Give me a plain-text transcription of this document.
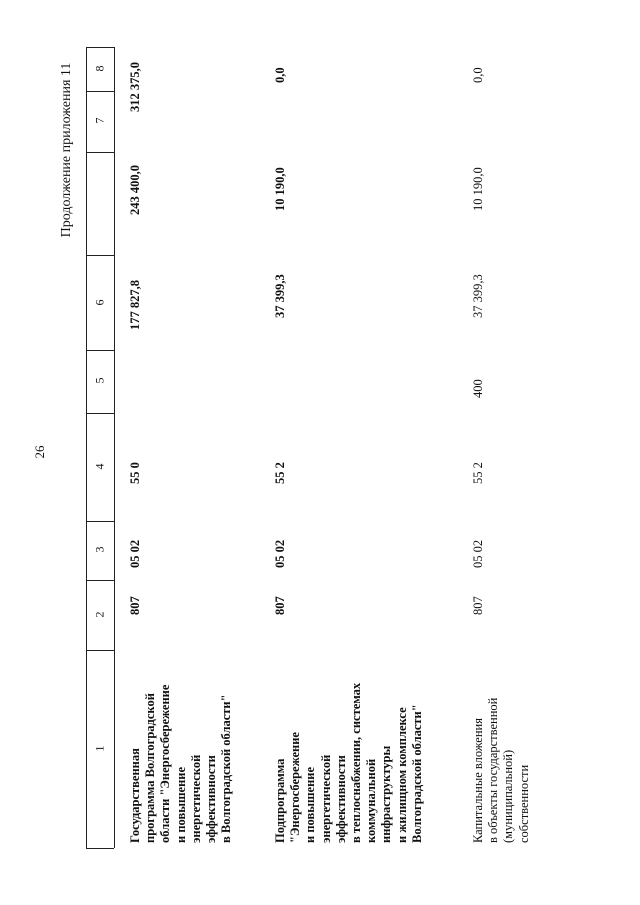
26
Продолжение приложения 11 8
7
6
5
4
3
2
1 Государственная программа Волгоградской области "Энергосбережение и повышение энергетической эффективности в Волгоградской области"
807
05 02
55 0
177 827,8
243 400,0
312 375,0
Подпрограмма "Энергосбережение и повышение энергетической эффективности в теплоснабжении, системах коммунальной инфраструктуры и жилищном комплексе Волгоградской области"
807
05 02
55 2
37 399,3
10 190,0
0,0
Капитальные вложения в объекты государственной (муниципальной) собственности
807
05 02
55 2
400
37 399,3
10 190,0
0,0
